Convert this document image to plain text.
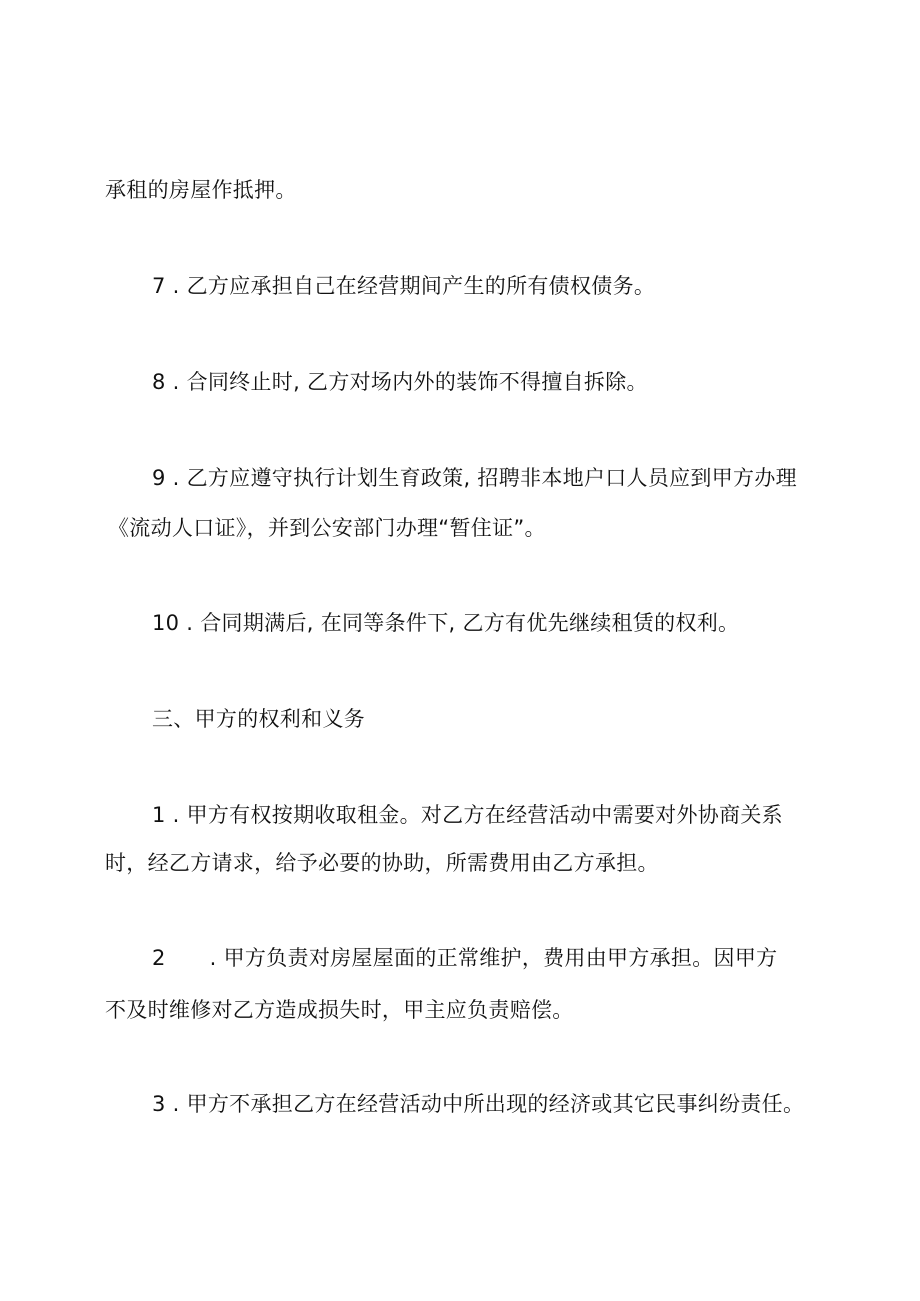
承租的房屋作抵押。
7 . 乙方应承担自己在经营期间产生的所有债权债务。
8 . 合同终止时, 乙方对场内外的装饰不得擅自拆除。
9 . 乙方应遵守执行计划生育政策, 招聘非本地户口人员应到甲方办理
《流动人口证》，并到公安部门办理“暂住证”。
10 . 合同期满后, 在同等条件下, 乙方有优先继续租赁的权利。
三、甲方的权利和义务
1 . 甲方有权按期收取租金。对乙方在经营活动中需要对外协商关系
时，经乙方请求，给予必要的协助，所需费用由乙方承担。
2 . 甲方负责对房屋屋面的正常维护，费用由甲方承担。因甲方
不及时维修对乙方造成损失时，甲主应负责赔偿。
3 . 甲方不承担乙方在经营活动中所出现的经济或其它民事纠纷责任。
